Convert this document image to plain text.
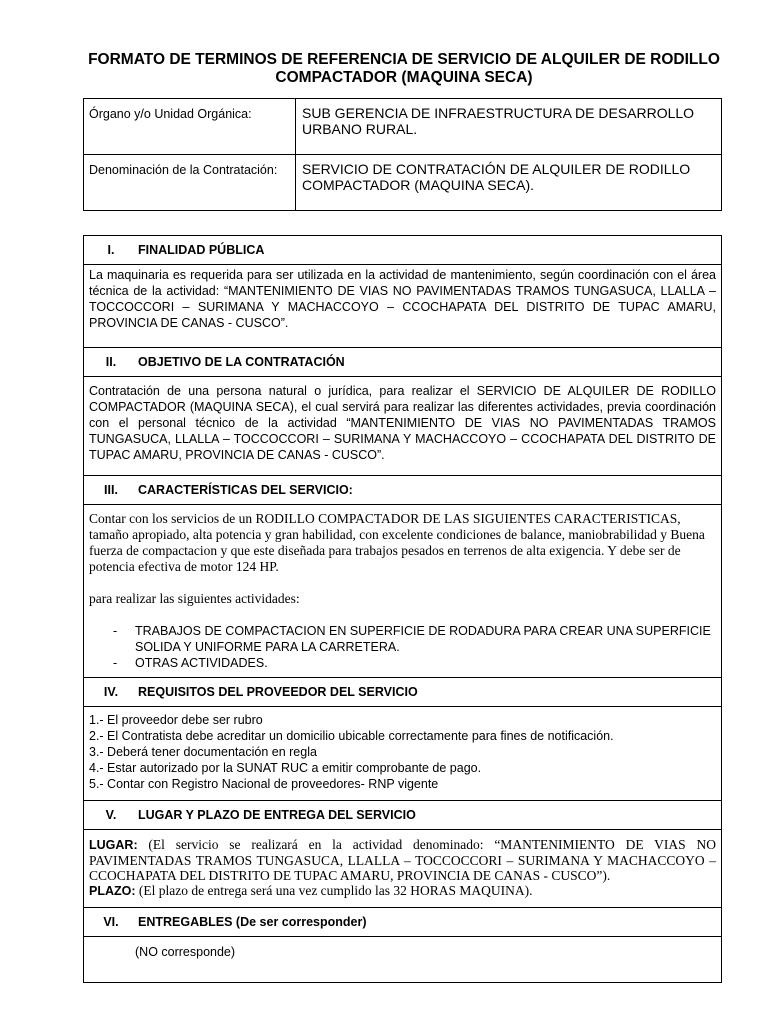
FORMATO DE TERMINOS DE REFERENCIA DE SERVICIO DE ALQUILER DE RODILLO COMPACTADOR (MAQUINA SECA)
Órgano y/o Unidad Orgánica:	SUB GERENCIA DE INFRAESTRUCTURA DE DESARROLLO URBANO RURAL.
Denominación de la Contratación:	SERVICIO DE CONTRATACIÓN DE ALQUILER DE RODILLO COMPACTADOR (MAQUINA SECA).
I. FINALIDAD PÚBLICA

La maquinaria es requerida para ser utilizada en la actividad de mantenimiento, según coordinación con el área técnica de la actividad: “MANTENIMIENTO DE VIAS NO PAVIMENTADAS TRAMOS TUNGASUCA, LLALLA – TOCCOCCORI – SURIMANA Y MACHACCOYO – CCOCHAPATA DEL DISTRITO DE TUPAC AMARU, PROVINCIA DE CANAS - CUSCO”.

II. OBJETIVO DE LA CONTRATACIÓN

Contratación de una persona natural o jurídica, para realizar el SERVICIO DE ALQUILER DE RODILLO COMPACTADOR (MAQUINA SECA), el cual servirá para realizar las diferentes actividades, previa coordinación con el personal técnico de la actividad “MANTENIMIENTO DE VIAS NO PAVIMENTADAS TRAMOS TUNGASUCA, LLALLA – TOCCOCCORI – SURIMANA Y MACHACCOYO – CCOCHAPATA DEL DISTRITO DE TUPAC AMARU, PROVINCIA DE CANAS - CUSCO”.

III. CARACTERÍSTICAS DEL SERVICIO:

Contar con los servicios de un RODILLO COMPACTADOR DE LAS SIGUIENTES CARACTERISTICAS, tamaño apropiado, alta potencia y gran habilidad, con excelente condiciones de balance, maniobrabilidad y Buena fuerza de compactacion y que este diseñada para trabajos pesados en terrenos de alta exigencia. Y debe ser de potencia efectiva de motor 124 HP.

para realizar las siguientes actividades:

- TRABAJOS DE COMPACTACION EN SUPERFICIE DE RODADURA PARA CREAR UNA SUPERFICIE SOLIDA Y UNIFORME PARA LA CARRETERA.
- OTRAS ACTIVIDADES.

IV. REQUISITOS DEL PROVEEDOR DEL SERVICIO

1.- El proveedor debe ser rubro

2.- El Contratista debe acreditar un domicilio ubicable correctamente para fines de notificación.

3.- Deberá tener documentación en regla

4.- Estar autorizado por la SUNAT RUC a emitir comprobante de pago.

5.- Contar con Registro Nacional de proveedores- RNP vigente

V. LUGAR Y PLAZO DE ENTREGA DEL SERVICIO

LUGAR: (El servicio se realizará en la actividad denominado: “MANTENIMIENTO DE VIAS NO PAVIMENTADAS TRAMOS TUNGASUCA, LLALLA – TOCCOCCORI – SURIMANA Y MACHACCOYO – CCOCHAPATA DEL DISTRITO DE TUPAC AMARU, PROVINCIA DE CANAS - CUSCO”).

PLAZO: (El plazo de entrega será una vez cumplido las 32 HORAS MAQUINA).

VI. ENTREGABLES (De ser corresponder)

(NO corresponde)
